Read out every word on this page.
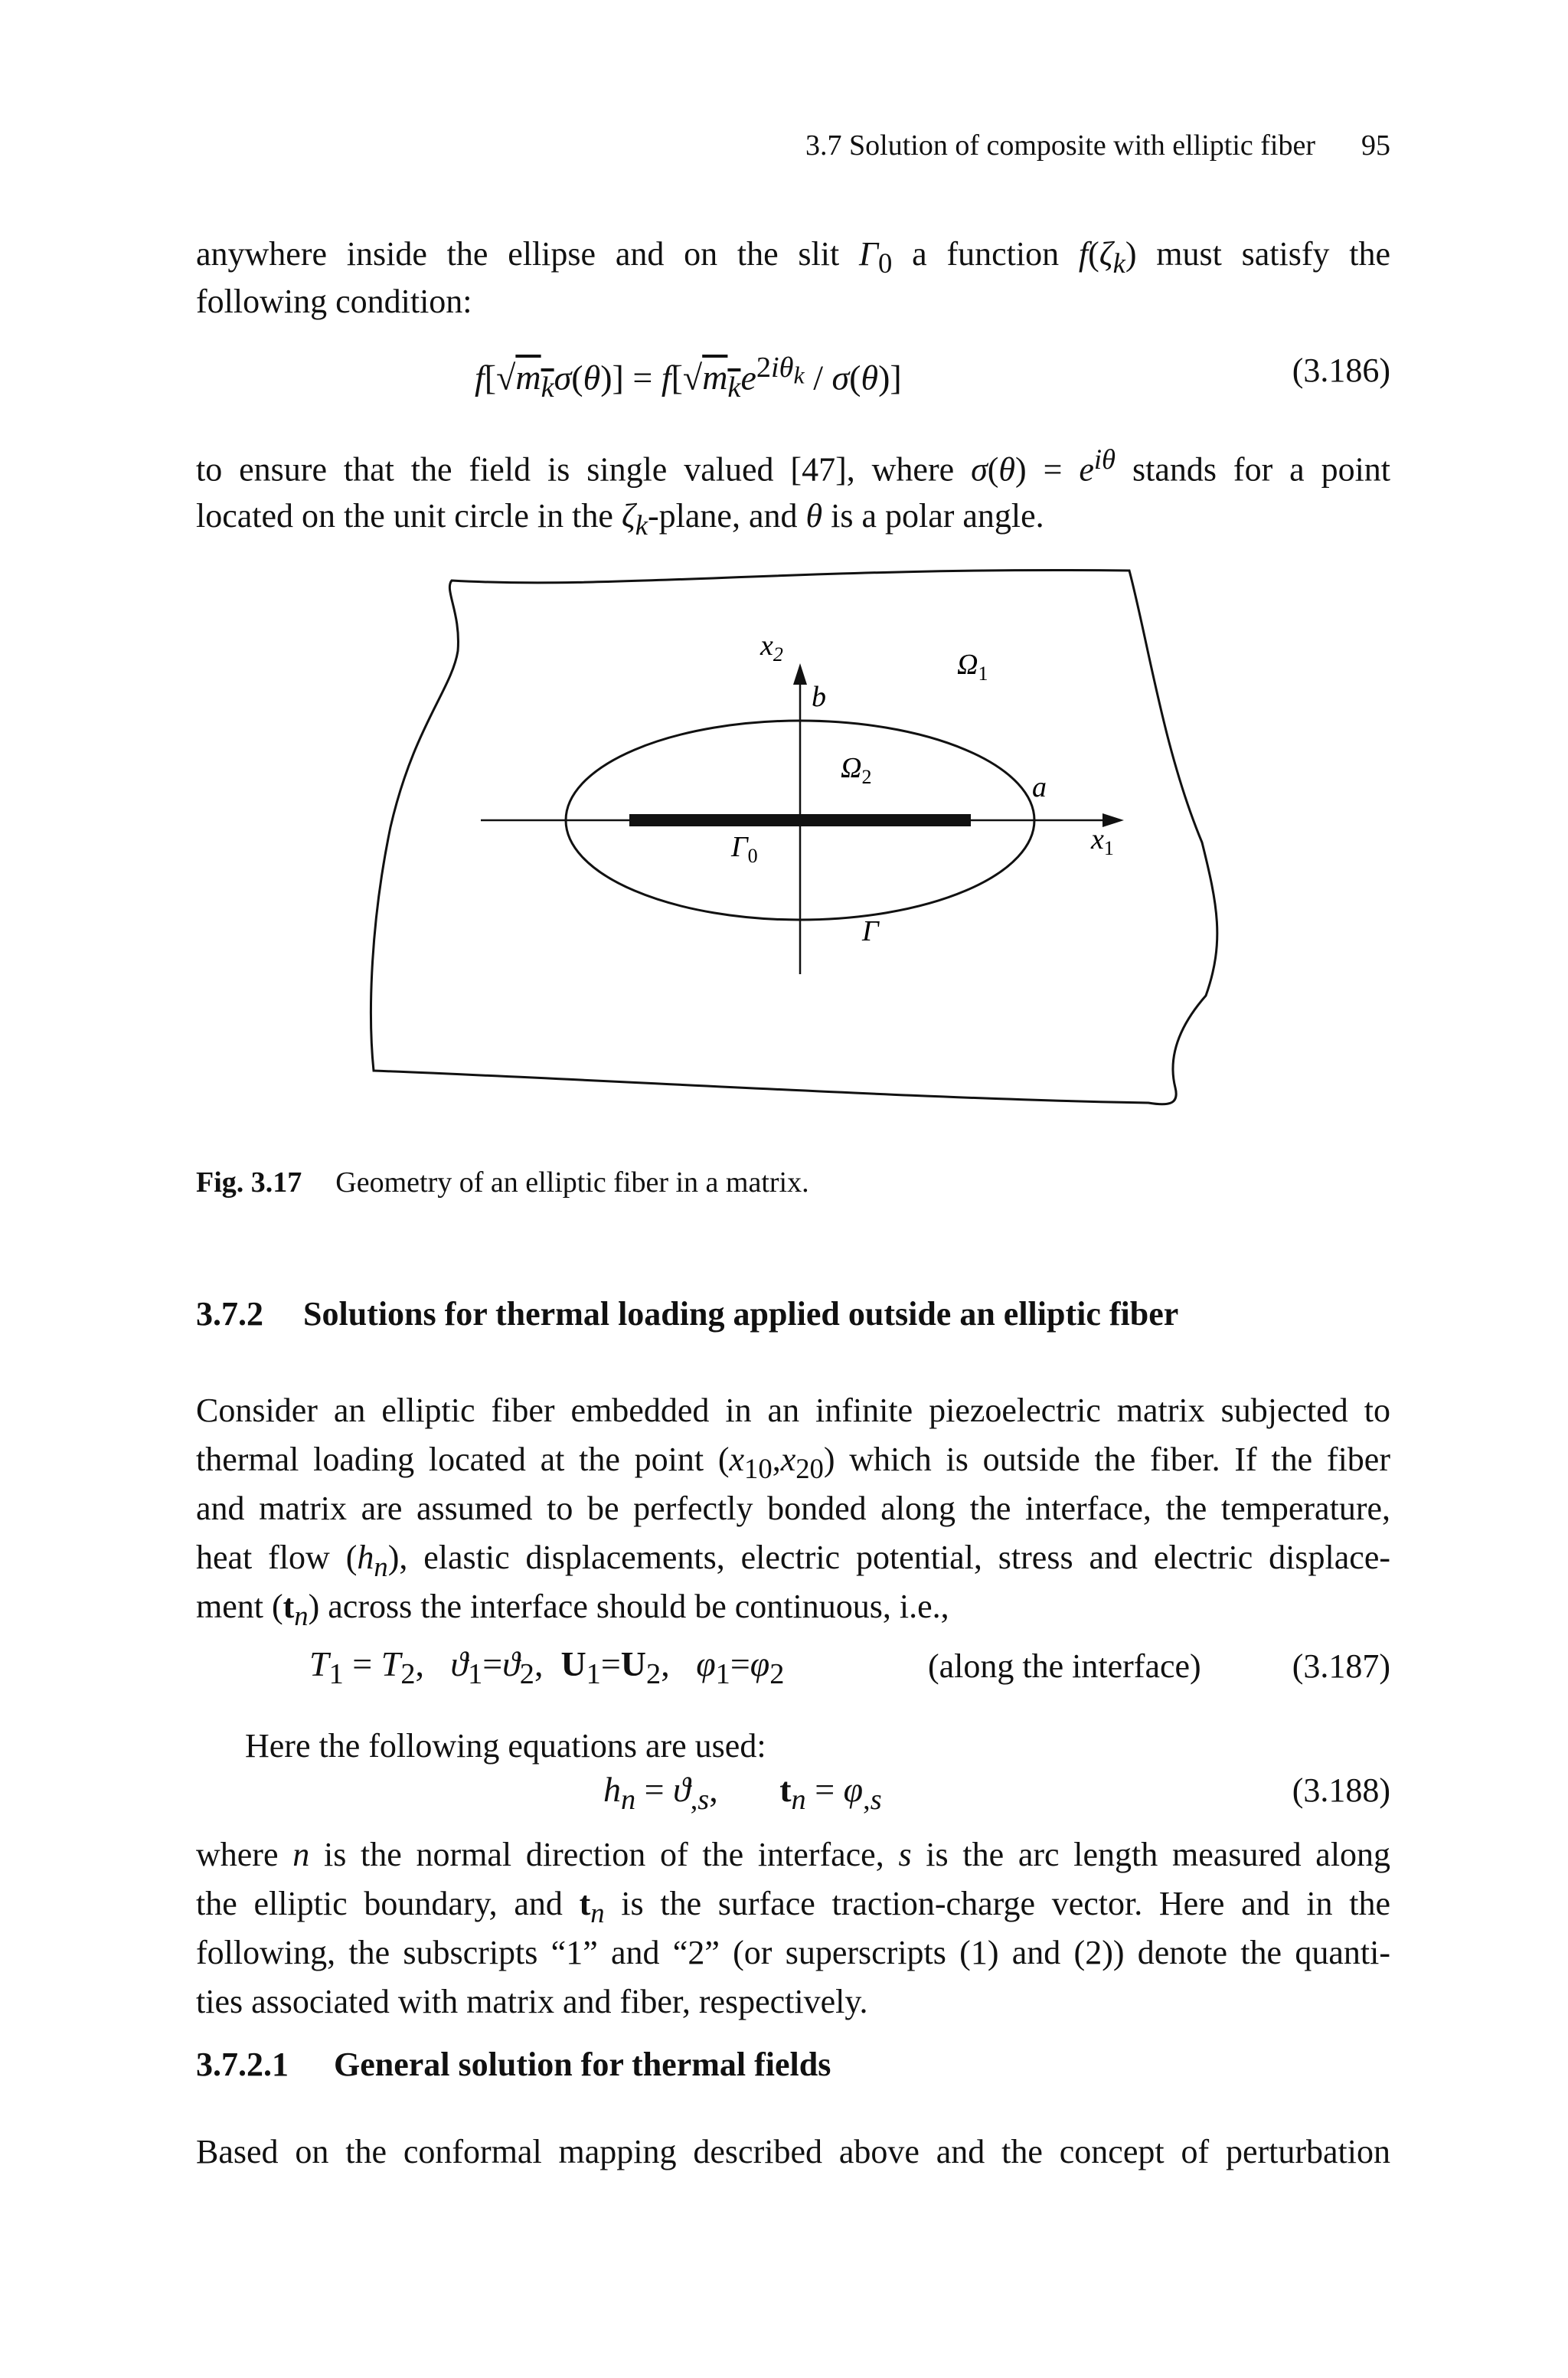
3.7 Solution of composite with elliptic fiber 95
anywhere inside the ellipse and on the slit $\Gamma_0$ a function $f(\zeta_k)$ must satisfy the
following condition:
$f[√m_k\sigma(\theta)] = f[√m_ke^{2i\theta_k} / \sigma(\theta)]$	(3.186)
to ensure that the field is single valued [47], where $\sigma(\theta) = e^{i\theta}$ stands for a point
located on the unit circle in the $\zeta_k$-plane, and θ is a polar angle.
$x_2$
b
$\Omega_1$
$\Omega_2$	a
$x_1$
$\Gamma_0$
Γ
Fig. 3.17 Geometry of an elliptic fiber in a matrix.
3.7.2 Solutions for thermal loading applied outside an elliptic fiber
Consider an elliptic fiber embedded in an infinite piezoelectric matrix subjected to
thermal loading located at the point $(x_{10},x_{20})$ which is outside the fiber. If the fiber
and matrix are assumed to be perfectly bonded along the interface, the temperature,
heat flow $(h_n)$, elastic displacements, electric potential, stress and electric displace-
ment $(t_n)$ across the interface should be continuous, i.e.,
$T_1 = T_2$,   $ϑ_1=ϑ_2$,  $U_1=U_2$,   $\varphi_1=\varphi_2$	(along the interface)	(3.187)
Here the following equations are used:
$h_n = ϑ_{,s}$,       $t_n = \varphi_{,s}$	(3.188)
where n is the normal direction of the interface, s is the arc length measured along
the elliptic boundary, and $t_n$ is the surface traction-charge vector. Here and in the
following, the subscripts “1” and “2” (or superscripts (1) and (2)) denote the quanti-
ties associated with matrix and fiber, respectively.
3.7.2.1 General solution for thermal fields
Based on the conformal mapping described above and the concept of perturbation
